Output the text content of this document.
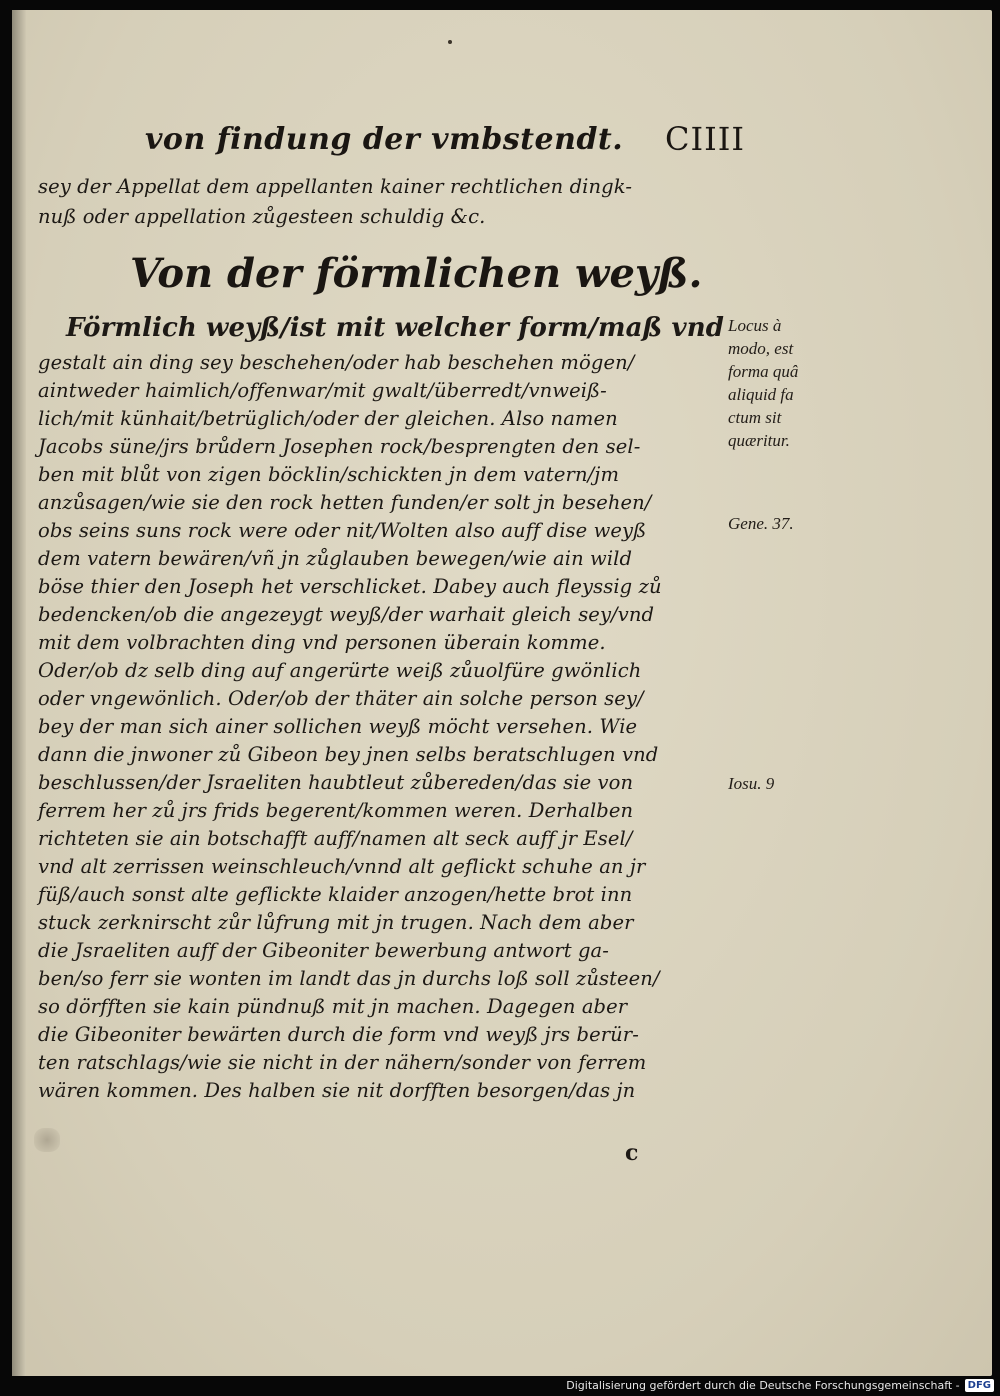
von findung der vmbstendt. CIIII
sey der Appellat dem appellanten kainer rechtlichen dingk-
nuß oder appellation zůgesteen schuldig &c.
Von der förmlichen weyß.
Förmlich weyß/ist mit welcher form/maß vnd
gestalt ain ding sey beschehen/oder hab beschehen mögen/
aintweder haimlich/offenwar/mit gwalt/überredt/vnweiß-
lich/mit künhait/betrüglich/oder der gleichen. Also namen
Jacobs süne/jrs brůdern Josephen rock/besprengten den sel-
ben mit blůt von zigen böcklin/schickten jn dem vatern/jm
anzůsagen/wie sie den rock hetten funden/er solt jn besehen/
obs seins suns rock were oder nit/Wolten also auff dise weyß
dem vatern bewären/vñ jn zůglauben bewegen/wie ain wild
böse thier den Joseph het verschlicket. Dabey auch fleyssig zů
bedencken/ob die angezeygt weyß/der warhait gleich sey/vnd
mit dem volbrachten ding vnd personen überain komme.
Oder/ob dz selb ding auf angerürte weiß zůuolfüre gwönlich
oder vngewönlich. Oder/ob der thäter ain solche person sey/
bey der man sich ainer sollichen weyß möcht versehen. Wie
dann die jnwoner zů Gibeon bey jnen selbs beratschlugen vnd
beschlussen/der Jsraeliten haubtleut zůbereden/das sie von
ferrem her zů jrs frids begerent/kommen weren. Derhalben
richteten sie ain botschafft auff/namen alt seck auff jr Esel/
vnd alt zerrissen weinschleuch/vnnd alt geflickt schuhe an jr
füß/auch sonst alte geflickte klaider anzogen/hette brot inn
stuck zerknirscht zůr lůfrung mit jn trugen. Nach dem aber
die Jsraeliten auff der Gibeoniter bewerbung antwort ga-
ben/so ferr sie wonten im landt das jn durchs loß soll zůsteen/
so dörfften sie kain pündnuß mit jn machen. Dagegen aber
die Gibeoniter bewärten durch die form vnd weyß jrs berür-
ten ratschlags/wie sie nicht in der nähern/sonder von ferrem
wären kommen. Des halben sie nit dorfften besorgen/das jn
Locus à
modo, est
forma quâ
aliquid fa
ctum sit
quæritur.
Gene. 37.
Iosu. 9
c
Digitalisierung gefördert durch die Deutsche Forschungsgemeinschaft - DFG
